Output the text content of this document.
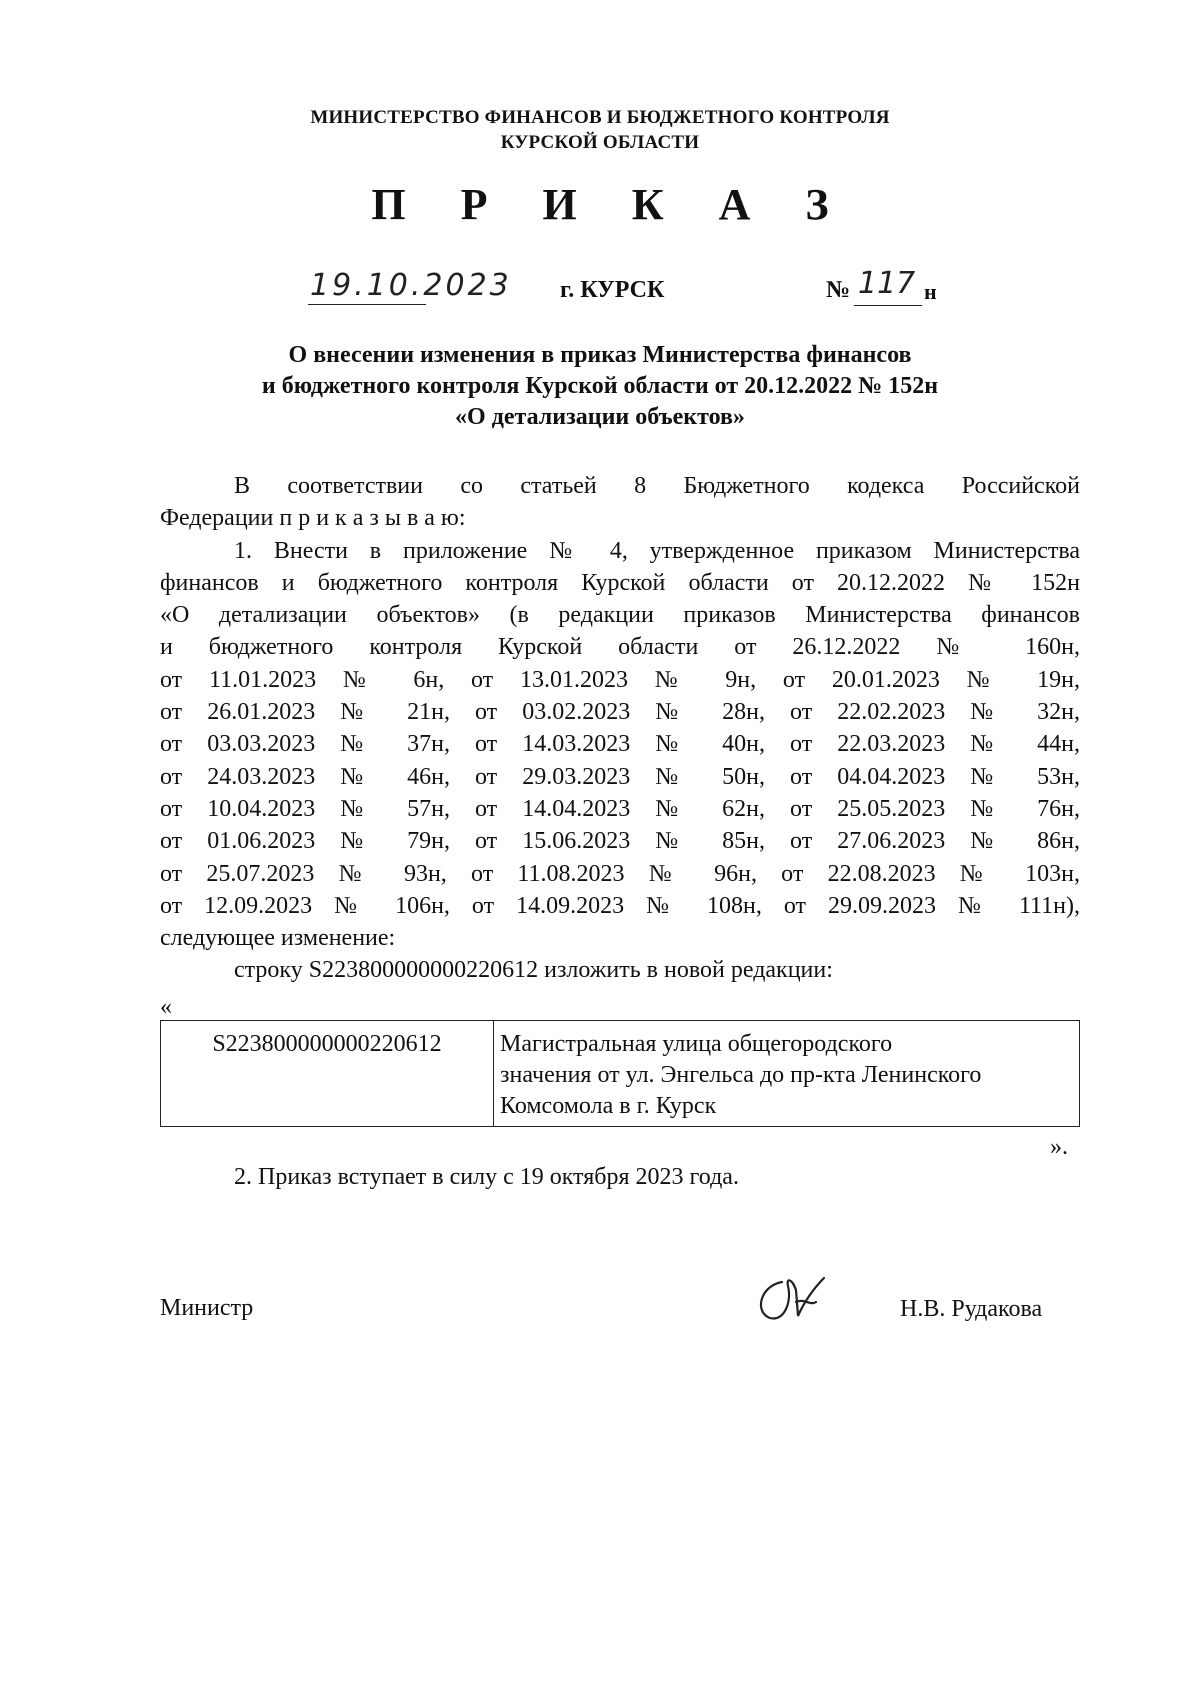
МИНИСТЕРСТВО ФИНАНСОВ И БЮДЖЕТНОГО КОНТРОЛЯ
КУРСКОЙ ОБЛАСТИ
П Р И К А З
19.10.2023 г. КУРСК	№ 117 н
О внесении изменения в приказ Министерства финансов
и бюджетного контроля Курской области от 20.12.2022 № 152н
«О детализации объектов»

В соответствии со статьей 8 Бюджетного кодекса Российской
Федерации п р и к а з ы в а ю:

1. Внести в приложение № 4, утвержденное приказом Министерства
финансов и бюджетного контроля Курской области от 20.12.2022 № 152н
«О детализации объектов» (в редакции приказов Министерства финансов
и бюджетного контроля Курской области от 26.12.2022 № 160н,
от 11.01.2023 № 6н, от 13.01.2023 № 9н, от 20.01.2023 № 19н,
от 26.01.2023 № 21н, от 03.02.2023 № 28н, от 22.02.2023 № 32н,
от 03.03.2023 № 37н, от 14.03.2023 № 40н, от 22.03.2023 № 44н,
от 24.03.2023 № 46н, от 29.03.2023 № 50н, от 04.04.2023 № 53н,
от 10.04.2023 № 57н, от 14.04.2023 № 62н, от 25.05.2023 № 76н,
от 01.06.2023 № 79н, от 15.06.2023 № 85н, от 27.06.2023 № 86н,
от 25.07.2023 № 93н, от 11.08.2023 № 96н, от 22.08.2023 № 103н,
от 12.09.2023 № 106н, от 14.09.2023 № 108н, от 29.09.2023 № 111н),
следующее изменение:

строку S223800000000220612 изложить в новой редакции:

«
S223800000000220612	Магистральная улица общегородского
значения от ул. Энгельса до пр-кта Ленинского
Комсомола в г. Курск
».
2. Приказ вступает в силу с 19 октября 2023 года.
Министр	Н.В. Рудакова
